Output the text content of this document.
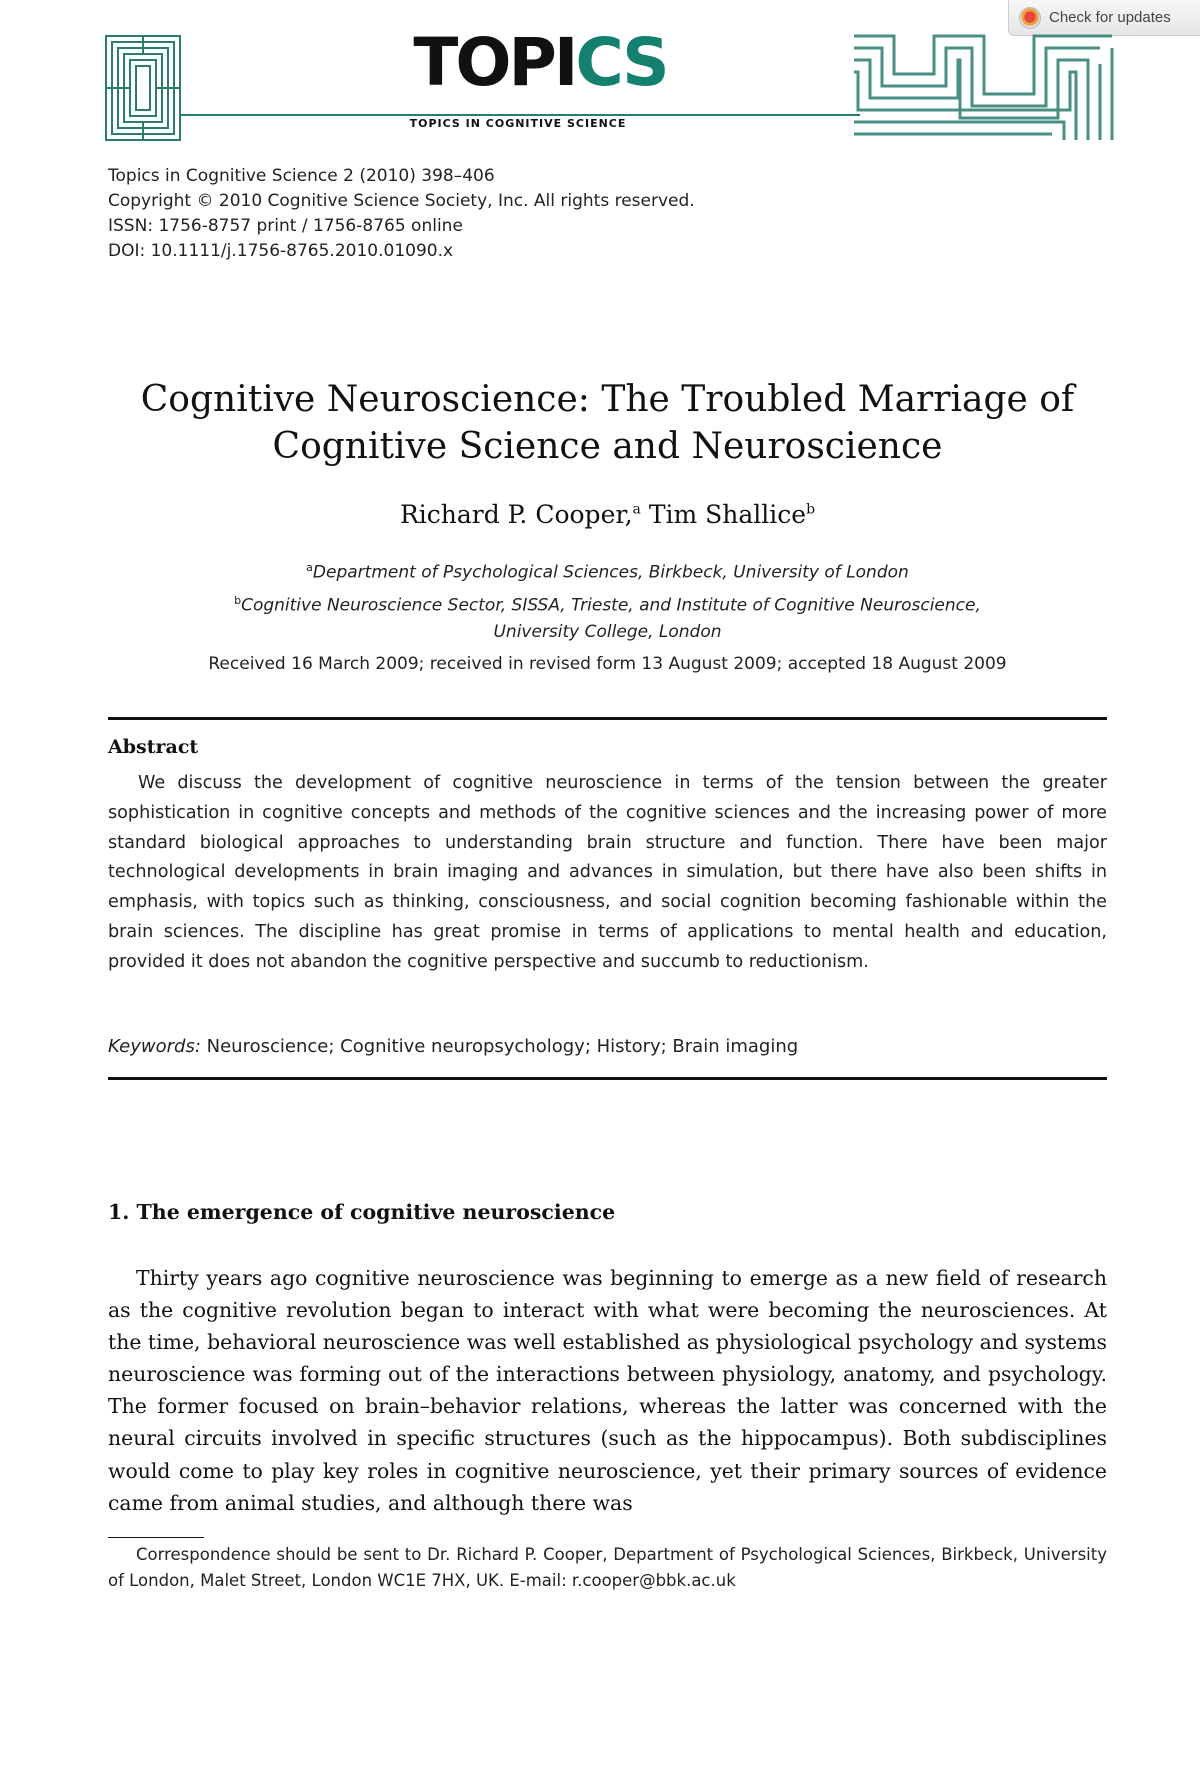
Check for updates
TOPICS
TOPICS IN COGNITIVE SCIENCE
Topics in Cognitive Science 2 (2010) 398–406
Copyright © 2010 Cognitive Science Society, Inc. All rights reserved.
ISSN: 1756-8757 print / 1756-8765 online
DOI: 10.1111/j.1756-8765.2010.01090.x
Cognitive Neuroscience: The Troubled Marriage of
Cognitive Science and Neuroscience
Richard P. Cooper,$^a$ Tim Shallice$^b$
$^a$Department of Psychological Sciences, Birkbeck, University of London
$^b$Cognitive Neuroscience Sector, SISSA, Trieste, and Institute of Cognitive Neuroscience,
University College, London
Received 16 March 2009; received in revised form 13 August 2009; accepted 18 August 2009
Abstract
We discuss the development of cognitive neuroscience in terms of the tension between the greater sophistication in cognitive concepts and methods of the cognitive sciences and the increasing power of more standard biological approaches to understanding brain structure and function. There have been major technological developments in brain imaging and advances in simulation, but there have also been shifts in emphasis, with topics such as thinking, consciousness, and social cognition becoming fashionable within the brain sciences. The discipline has great promise in terms of applications to mental health and education, provided it does not abandon the cognitive perspective and succumb to reductionism.
Keywords: Neuroscience; Cognitive neuropsychology; History; Brain imaging
1. The emergence of cognitive neuroscience
Thirty years ago cognitive neuroscience was beginning to emerge as a new field of research as the cognitive revolution began to interact with what were becoming the neurosciences. At the time, behavioral neuroscience was well established as physiological psychology and systems neuroscience was forming out of the interactions between physiology, anatomy, and psychology. The former focused on brain–behavior relations, whereas the latter was concerned with the neural circuits involved in specific structures (such as the hippocampus). Both subdisciplines would come to play key roles in cognitive neuroscience, yet their primary sources of evidence came from animal studies, and although there was
Correspondence should be sent to Dr. Richard P. Cooper, Department of Psychological Sciences, Birkbeck, University of London, Malet Street, London WC1E 7HX, UK. E-mail: r.cooper@bbk.ac.uk
